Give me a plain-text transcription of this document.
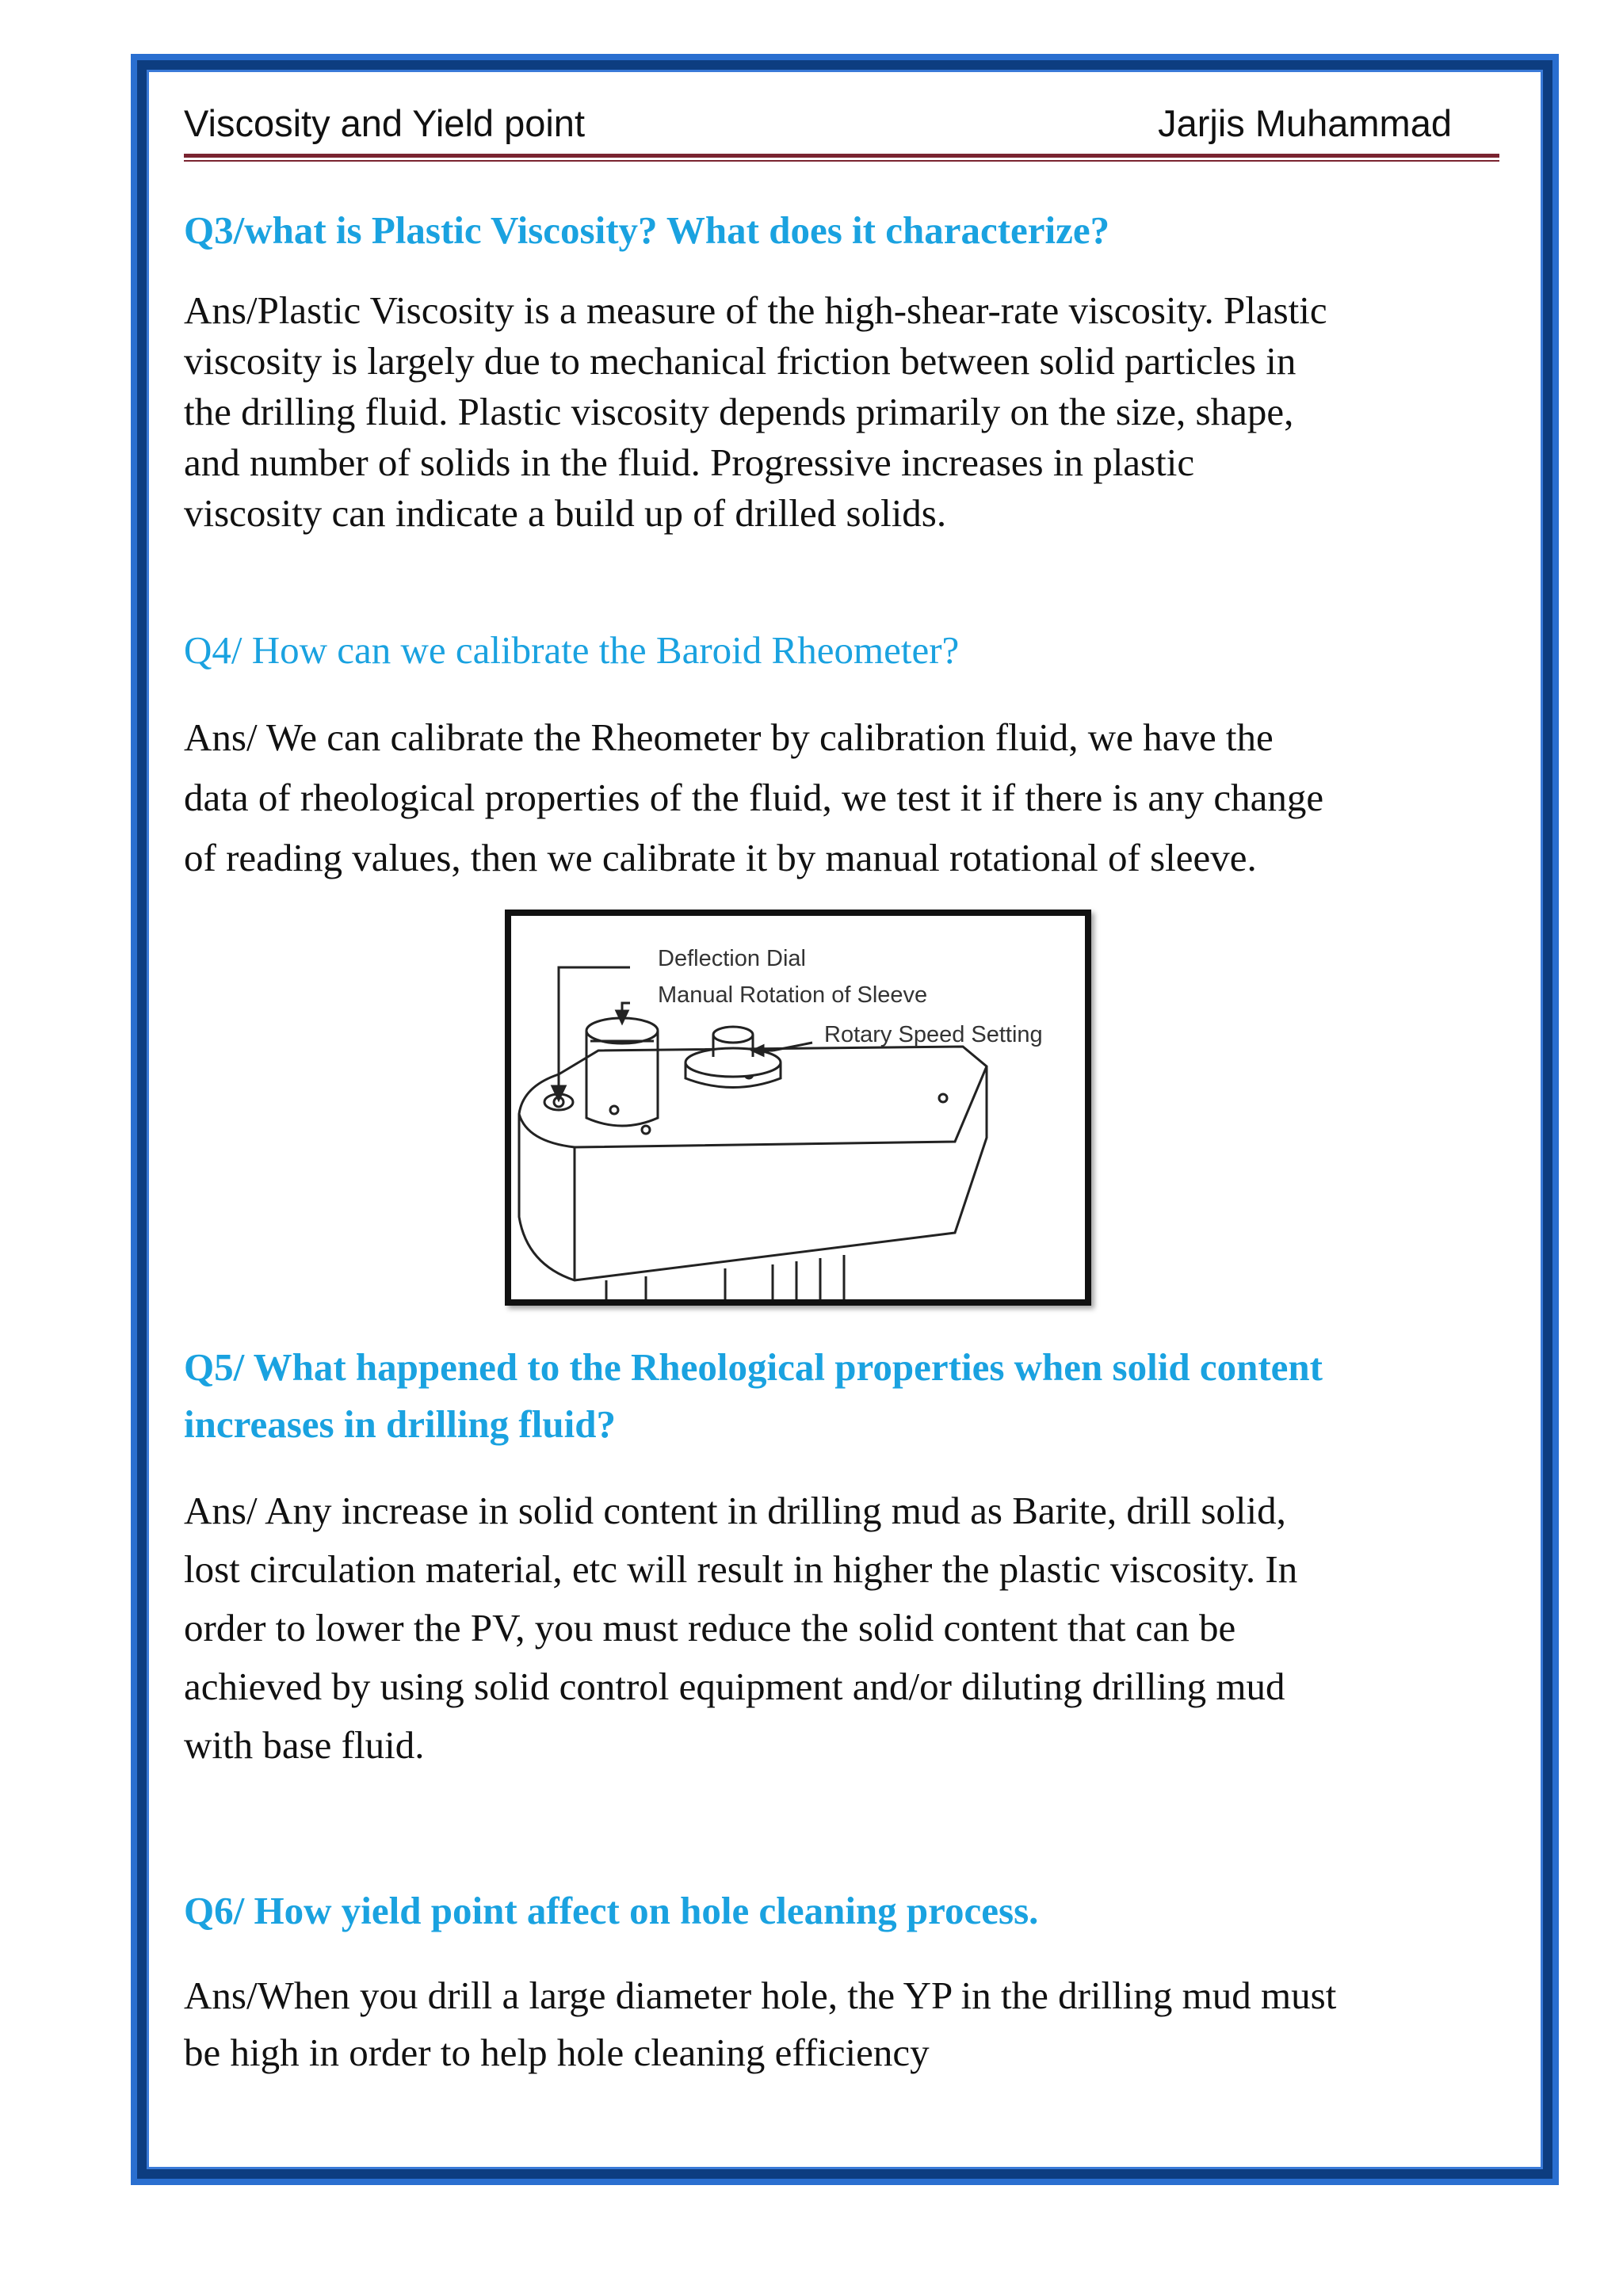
Viscosity and Yield point	Jarjis Muhammad
Q3/what is Plastic Viscosity? What does it characterize?
Ans/Plastic Viscosity is a measure of the high-shear-rate viscosity. Plastic
viscosity is largely due to mechanical friction between solid particles in
the drilling fluid. Plastic viscosity depends primarily on the size, shape,
and number of solids in the fluid. Progressive increases in plastic
viscosity can indicate a build up of drilled solids.
Q4/ How can we calibrate the Baroid Rheometer?
Ans/ We can calibrate the Rheometer by calibration fluid, we have the
data of rheological properties of the fluid, we test it if there is any change
of reading values, then we calibrate it by manual rotational of sleeve.
Deflection Dial
Manual Rotation of Sleeve
Rotary Speed Setting
Q5/ What happened to the Rheological properties when solid content
increases in drilling fluid?
Ans/ Any increase in solid content in drilling mud as Barite, drill solid,
lost circulation material, etc will result in higher the plastic viscosity. In
order to lower the PV, you must reduce the solid content that can be
achieved by using solid control equipment and/or diluting drilling mud
with base fluid.
Q6/ How yield point affect on hole cleaning process.
Ans/When you drill a large diameter hole, the YP in the drilling mud must
be high in order to help hole cleaning efficiency
